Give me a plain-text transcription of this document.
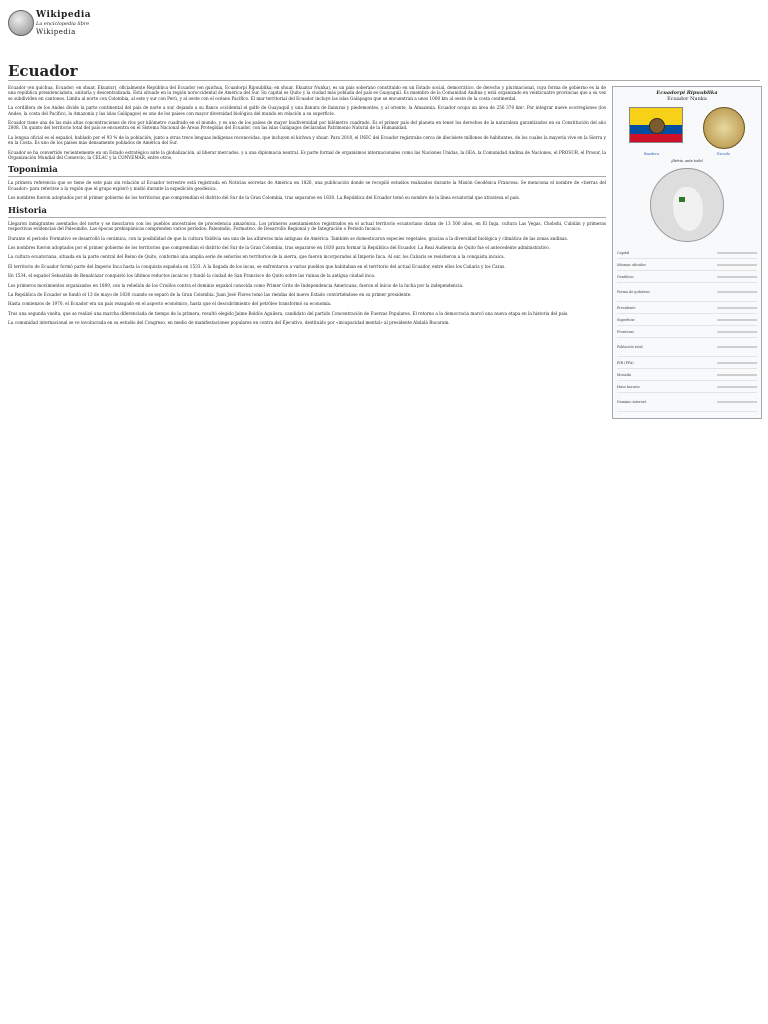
Wikipedia
La enciclopedia libre
Wikipedia
Ecuador

Ecuador (en quichua, Ecuador; en shuar, Ekuatur), oficialmente República del Ecuador (en quichua, Ecuadorpi Ripuublika; en shuar, Ekuatur Nunka), es un país soberano constituido en un Estado social, democrático, de derecho y plurinacional, cuya forma de gobierno es la de una república presidencialista, unitaria y descentralizada. Está situado en la región noroccidental de América del Sur. Su capital es Quito y la ciudad más poblada del país es Guayaquil. Es miembro de la Comunidad Andina y está organizado en veinticuatro provincias que a su vez se subdividen en cantones. Limita al norte con Colombia, al este y sur con Perú, y al oeste con el océano Pacífico. El mar territorial del Ecuador incluye las islas Galápagos que se encuentran a unos 1000 km al oeste de la costa continental.

La cordillera de los Andes divide la parte continental del país de norte a sur, dejando a su flanco occidental el golfo de Guayaquil y una llanura de llanuras y piedemontes, y al oriente, la Amazonía. Ecuador ocupa un área de 256 370 km². Por integrar nueve ecorregiones (los Andes, la costa del Pacífico, la Amazonía y las islas Galápagos) es uno de los países con mayor diversidad biológica del mundo en relación a su superficie.

Ecuador tiene una de las más altas concentraciones de ríos por kilómetro cuadrado en el mundo, y es uno de los países de mayor biodiversidad por kilómetro cuadrado. Es el primer país del planeta en tener los derechos de la naturaleza garantizados en su Constitución del año 2008. Un quinto del territorio total del país se encuentra en el Sistema Nacional de Áreas Protegidas del Ecuador, con las islas Galápagos declaradas Patrimonio Natural de la Humanidad.

La lengua oficial es el español, hablado por el 93 % de la población, junto a otras trece lenguas indígenas reconocidas, que incluyen el kichwa y shuar. Para 2018, el INEC del Ecuador registraba cerca de diecisiete millones de habitantes, de los cuales la mayoría vive en la Sierra y en la Costa. Es uno de los países más densamente poblados de América del Sur.

Ecuador se ha convertido recientemente en un Estado estratégico ante la globalización, al liberar mercados, y a una diplomacia neutral. Es parte formal de organismos internacionales como las Naciones Unidas, la OEA, la Comunidad Andina de Naciones, el PROSUR, el Prosur, la Organización Mundial del Comercio, la CELAC y la CONVEMAR, entre otros.

Toponimia

La primera referencia que se tiene de este país sin relación al Ecuador terrestre está registrada en Noticias secretas de América en 1826, una publicación donde se recopiló estudios realizados durante la Misión Geodésica Francesa. Se menciona el nombre de «tierras del Ecuador» para referirse a la región que el grupo exploró y midió durante la expedición geodésica.

Los nombres fueron adoptados por el primer gobierno de los territorios que comprendían el distrito del Sur de la Gran Colombia, tras separarse en 1830. La República del Ecuador tomó su nombre de la línea ecuatorial que atraviesa el país.

Historia

Llegaron inmigrantes asentados del norte y se mezclaron con los pueblos ancestrales de procedencia amazónica. Los primeros asentamientos registrados en el actual territorio ecuatoriano datan de 13 500 años, en El Inga, cultura Las Vegas, Chobshi, Cubilán y primeras respectivas evidencias del Paleoindio. Las épocas prehispánicas comprenden varios períodos: Paleoindio, Formativo, de Desarrollo Regional y de Integración o Periodo Incaico.

Durante el periodo Formativo se desarrolló la cerámica, con la posibilidad de que la cultura Valdivia sea una de las alfareras más antiguas de América. También se domesticaron especies vegetales, gracias a la diversidad biológica y climática de las zonas andinas.

Los nombres fueron adoptados por el primer gobierno de los territorios que comprendían el distrito del Sur de la Gran Colombia, tras separarse en 1830 para formar la República del Ecuador. La Real Audiencia de Quito fue el antecedente administrativo.

La cultura ecuatoriana, situada en la parte central del Reino de Quito, conformó una amplia serie de señoríos en territorios de la sierra, que fueron incorporados al Imperio Inca. Al sur, los Cañaris se resistieron a la conquista incaica.

El territorio de Ecuador formó parte del Imperio Inca hasta la conquista española en 1533. A la llegada de los incas, se enfrentaron a varios pueblos que habitaban en el territorio del actual Ecuador, entre ellos los Cañaris y los Caras.

En 1534, el español Sebastián de Benalcázar conquistó los últimos reductos incaicos y fundó la ciudad de San Francisco de Quito sobre las ruinas de la antigua ciudad inca.

Los primeros movimientos organizados en 1809, con la rebelión de los Criollos contra el dominio español conocida como Primer Grito de Independencia Americana, fueron el inicio de la lucha por la independencia.

La República de Ecuador se fundó el 13 de mayo de 1830 cuando se separó de la Gran Colombia. Juan José Flores tomó las riendas del nuevo Estado convirtiéndose en su primer presidente.

Hasta comienzos de 1970, el Ecuador era un país rezagado en el aspecto económico, hasta que el descubrimiento del petróleo transformó su economía.

Tras una segunda vuelta, que se realizó una marcha diferenciada de tiempo de la primera, resultó elegido Jaime Roldós Aguilera, candidato del partido Concentración de Fuerzas Populares. El retorno a la democracia marcó una nueva etapa en la historia del país.

La comunidad internacional se ve involucrada en su estudio del Congreso, en medio de manifestaciones populares en contra del Ejecutivo, destituido por «incapacidad mental» al presidente Abdalá Bucaram.

Ecuadorpi Ripuublika
Ecuador Nunka
Bandera	Escudo
¡Patria, ante todo!
Capital
Idiomas oficiales
Gentilicio
Forma de gobierno
Presidente
Superficie
Fronteras
Población total
PIB (PPA)
Moneda
Huso horario
Dominio internet
